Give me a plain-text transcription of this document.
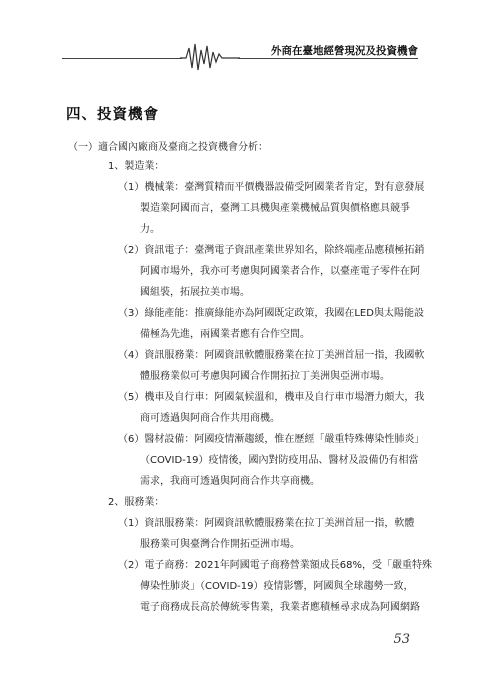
外商在臺地經營現況及投資機會
四、投資機會
（一）適合國內廠商及臺商之投資機會分析：
1、製造業：
（1）機械業：臺灣質精而平價機器設備受阿國業者肯定，對有意發展
製造業阿國而言，臺灣工具機與產業機械品質與價格應具競爭
力。
（2）資訊電子：臺灣電子資訊產業世界知名，除終端產品應積極拓銷
阿國市場外，我亦可考慮與阿國業者合作，以臺產電子零件在阿
國組裝，拓展拉美市場。
（3）綠能產能：推廣綠能亦為阿國既定政策，我國在LED與太陽能設
備極為先進，兩國業者應有合作空間。
（4）資訊服務業：阿國資訊軟體服務業在拉丁美洲首屈一指，我國軟
體服務業似可考慮與阿國合作開拓拉丁美洲與亞洲市場。
（5）機車及自行車：阿國氣候溫和，機車及自行車市場潛力頗大，我
商可透過與阿商合作共用商機。
（6）醫材設備：阿國疫情漸趨緩，惟在歷經「嚴重特殊傳染性肺炎」
（COVID-19）疫情後，國內對防疫用品、醫材及設備仍有相當
需求，我商可透過與阿商合作共享商機。
2、服務業：
（1）資訊服務業：阿國資訊軟體服務業在拉丁美洲首屈一指，軟體
服務業可與臺灣合作開拓亞洲市場。
（2）電子商務：2021年阿國電子商務營業額成長68%，受「嚴重特殊
傳染性肺炎」（COVID-19）疫情影響，阿國與全球趨勢一致，
電子商務成長高於傳統零售業，我業者應積極尋求成為阿國網路
53
